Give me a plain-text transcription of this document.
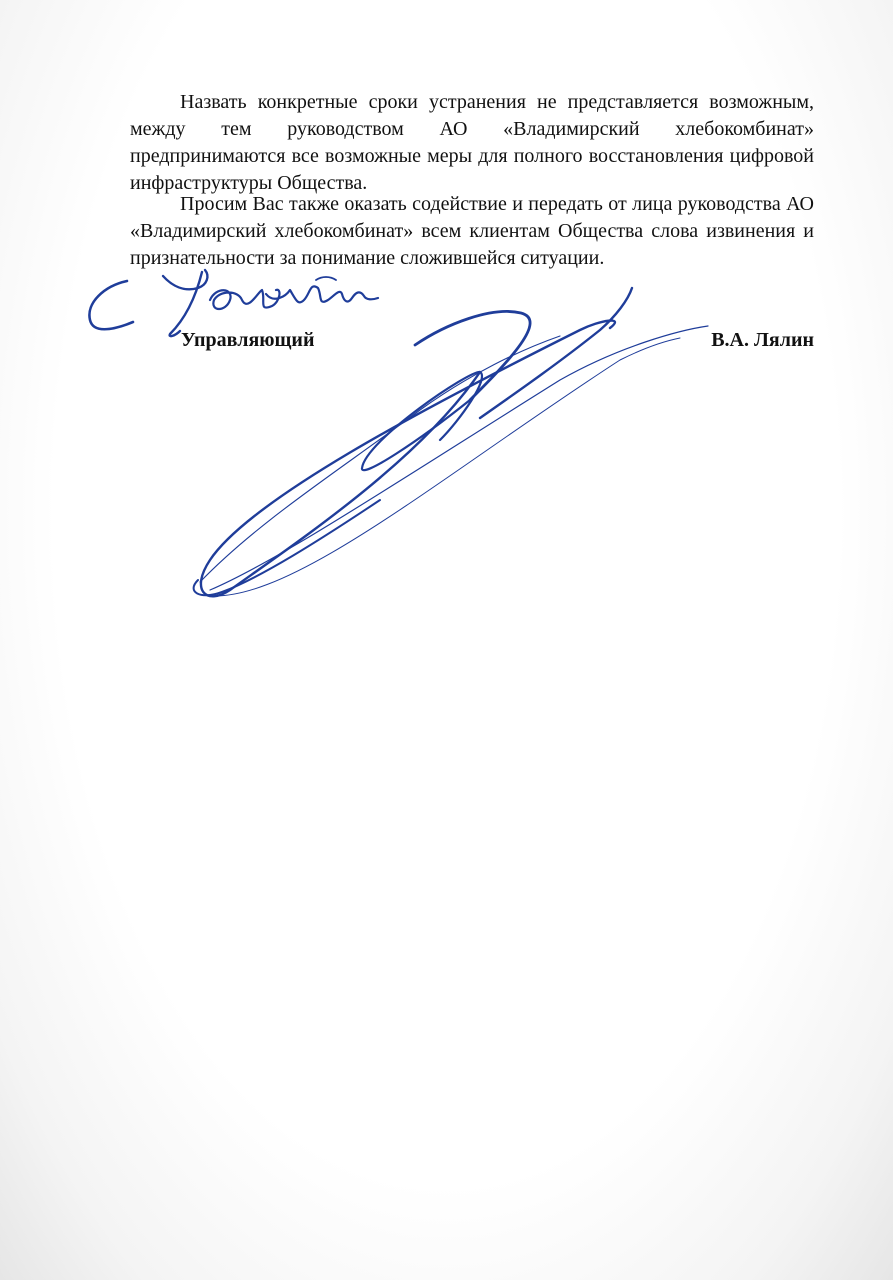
Назвать конкретные сроки устранения не представляется возможным, между тем руководством АО «Владимирский хлебокомбинат» предпринимаются все возможные меры для полного восстановления цифровой инфраструктуры Общества.

Просим Вас также оказать содействие и передать от лица руководства АО «Владимирский хлебокомбинат» всем клиентам Общества слова извинения и признательности за понимание сложившейся ситуации.

Управляющий	В.А. Лялин
